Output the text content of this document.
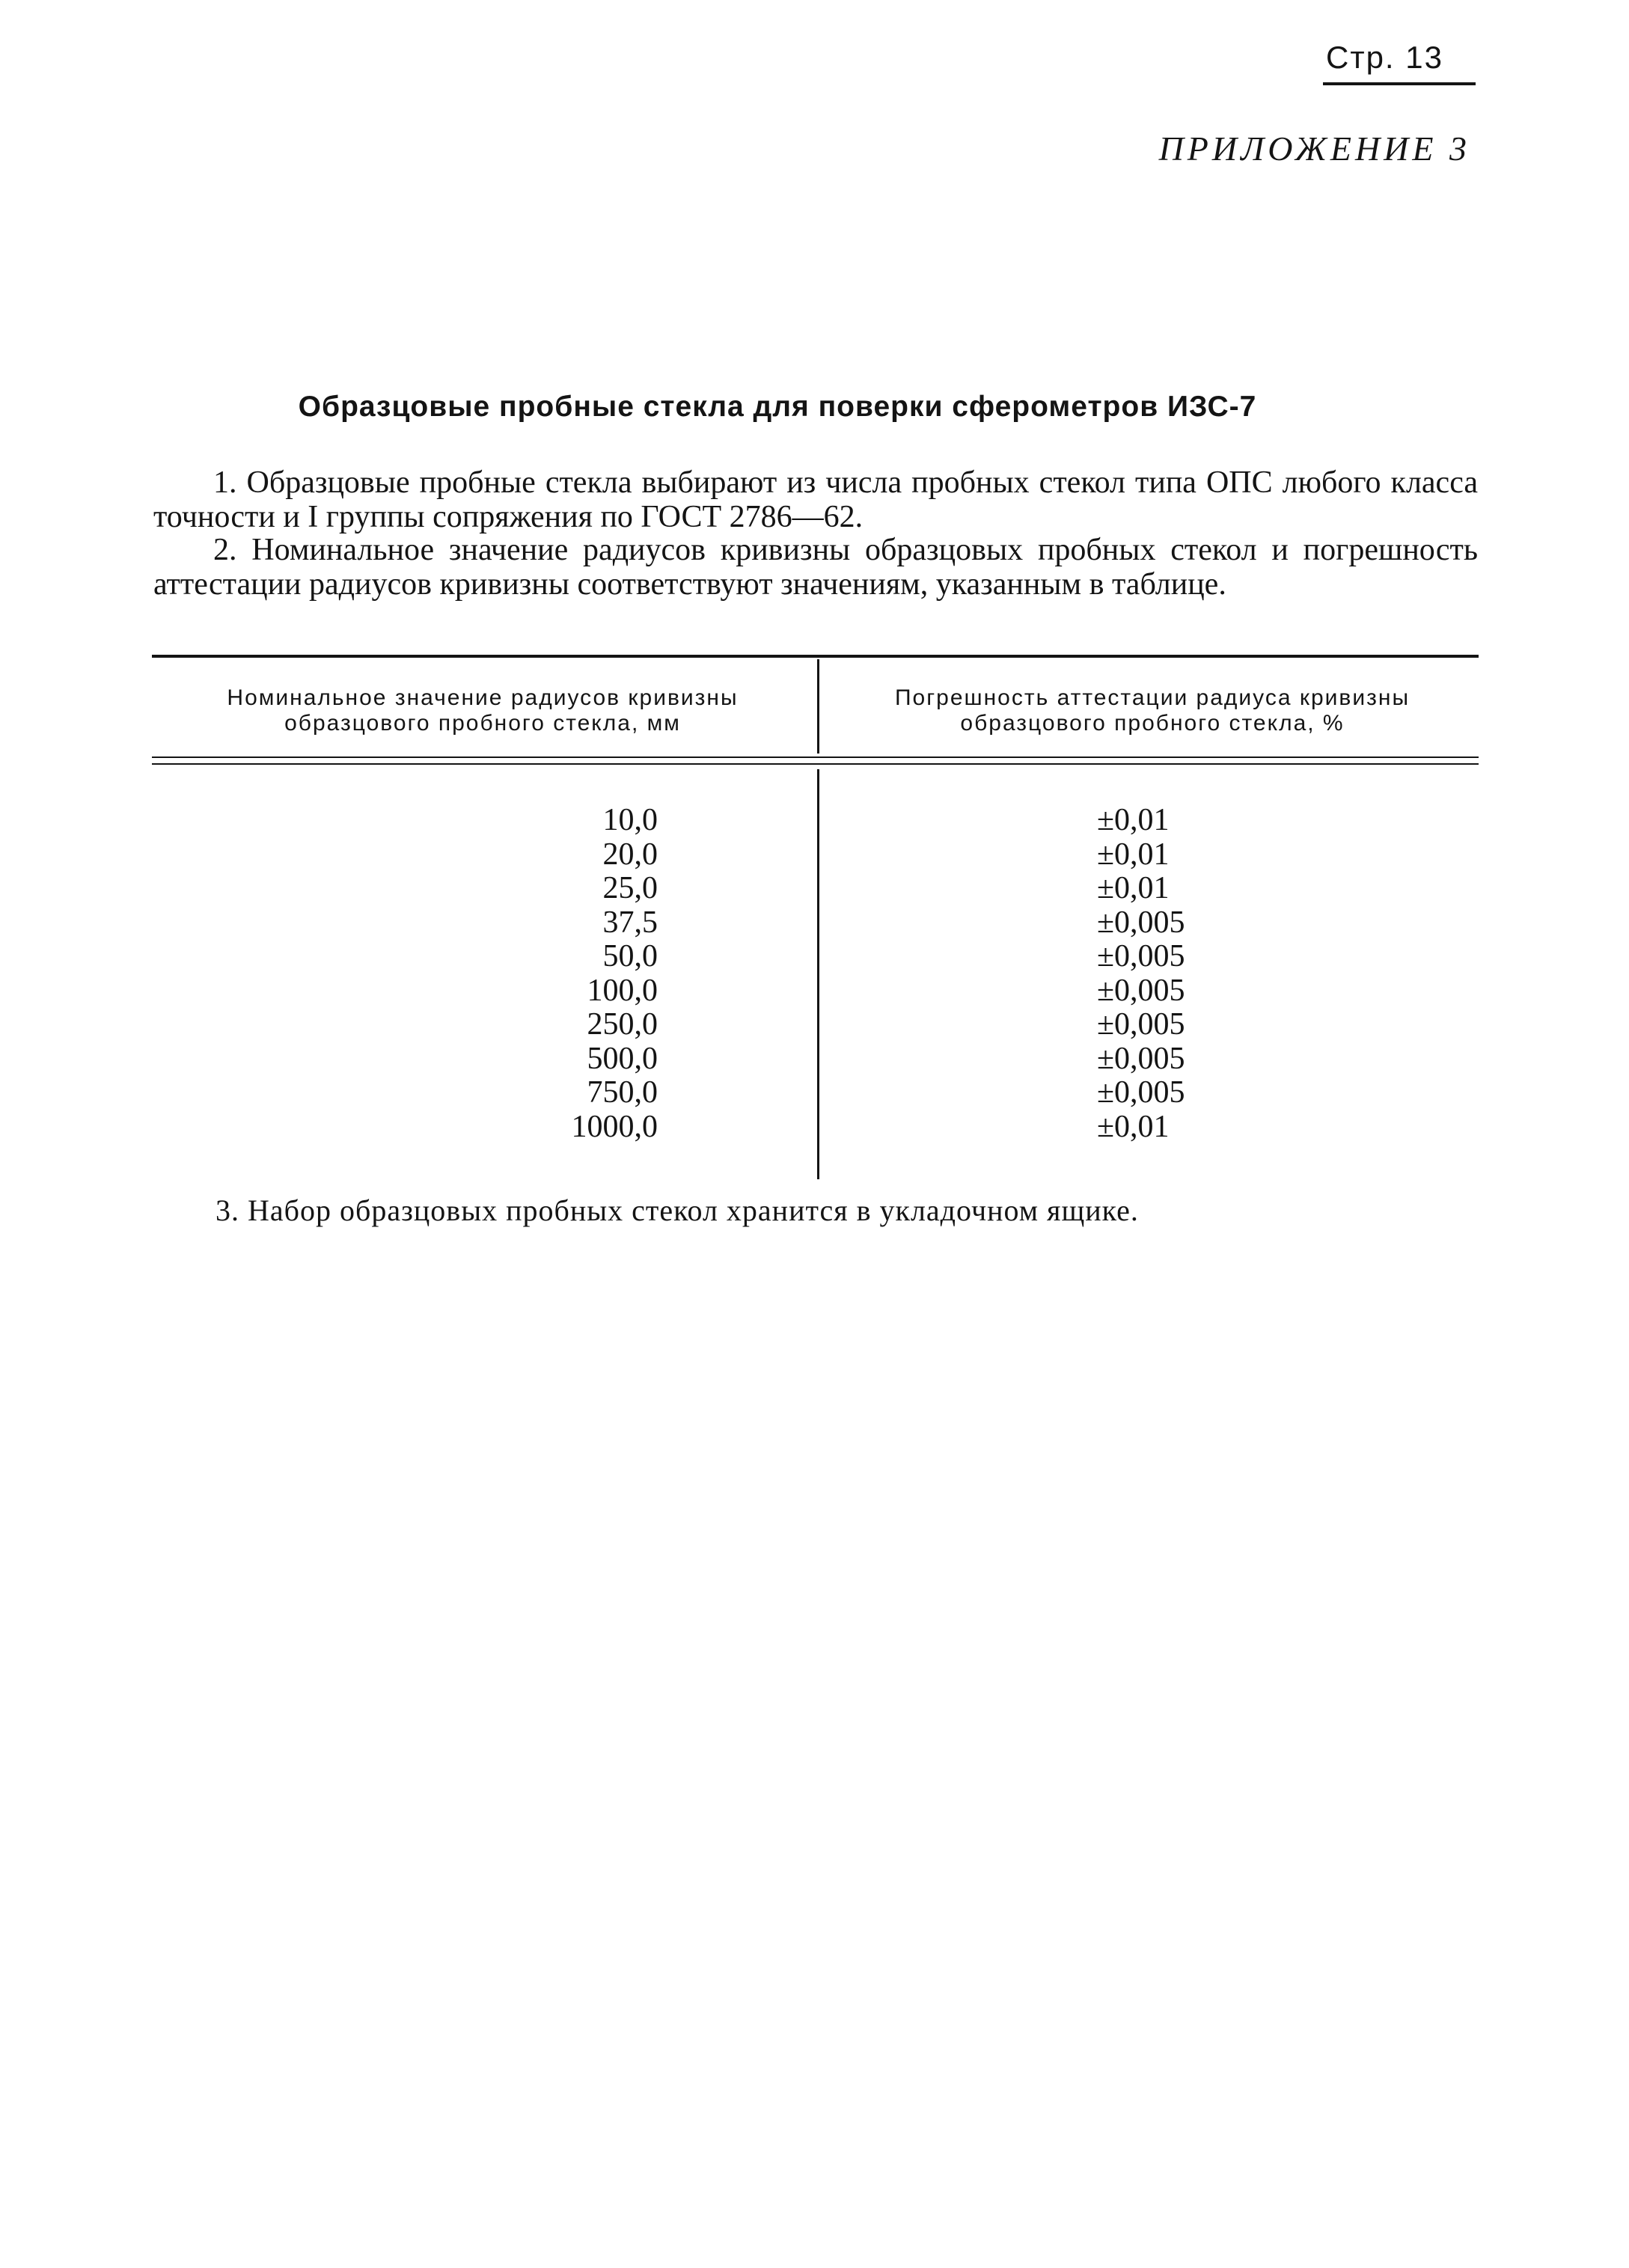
Стр. 13

ПРИЛОЖЕНИЕ 3

Образцовые пробные стекла для поверки сферометров ИЗС-7

1. Образцовые пробные стекла выбирают из числа пробных стекол типа ОПС любого класса точности и I группы сопряжения по ГОСТ 2786—62.

2. Номинальное значение радиусов кривизны образцовых пробных стекол и погрешность аттестации радиусов кривизны соответствуют значениям, указанным в таблице.

Номинальное значение радиусов кривизны образцового пробного стекла, мм

Погрешность аттестации радиуса кривизны образцового пробного стекла, %

10,0	±0,01
20,0	±0,01
25,0	±0,01
37,5	±0,005
50,0	±0,005
100,0	±0,005
250,0	±0,005
500,0	±0,005
750,0	±0,005
1000,0	±0,01

3. Набор образцовых пробных стекол хранится в укладочном ящике.
